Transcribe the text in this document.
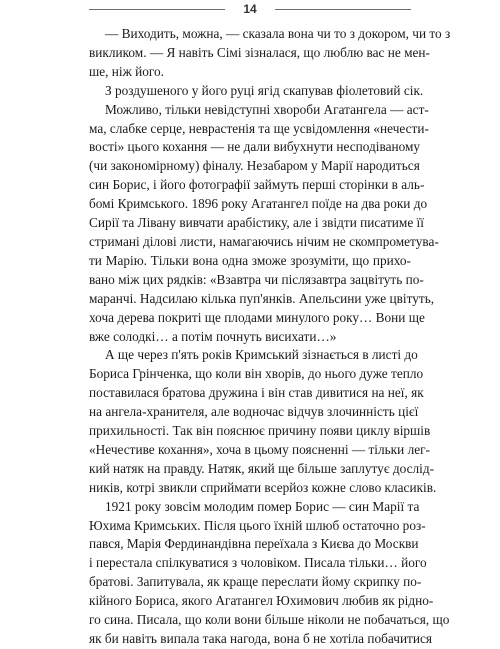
14
— Виходить, можна, — сказала вона чи то з докором, чи то з
викликом. — Я навіть Сімі зізналася, що люблю вас не мен-
ше, ніж його.
З роздушеного у його руці ягід скапував фіолетовий сік.
Можливо, тільки невідступні хвороби Агатангела — аст-
ма, слабке серце, неврастенія та ще усвідомлення «нечести-
вості» цього кохання — не дали вибухнути несподіваному
(чи закономірному) фіналу. Незабаром у Марії народиться
син Борис, і його фотографії займуть перші сторінки в аль-
бомі Кримського. 1896 року Агатангел поїде на два роки до
Сирії та Лівану вивчати арабістику, але і звідти писатиме її
стримані ділові листи, намагаючись нічим не скомпрометува-
ти Марію. Тільки вона одна зможе зрозуміти, що прихо-
вано між цих рядків: «Взавтра чи післязавтра зацвітуть по-
маранчі. Надсилаю кілька пуп'янків. Апельсини уже цвітуть,
хоча дерева покриті ще плодами минулого року… Вони ще
вже солодкі… а потім почнуть висихати…»
А ще через п'ять років Кримський зізнається в листі до
Бориса Грінченка, що коли він хворів, до нього дуже тепло
поставилася братова дружина і він став дивитися на неї, як
на ангела-хранителя, але водночас відчув злочинність цієї
прихильності. Так він пояснює причину появи циклу віршів
«Нечестиве кохання», хоча в цьому поясненні — тільки лег-
кий натяк на правду. Натяк, який ще більше заплутує дослід-
ників, котрі звикли сприймати всерйоз кожне слово класиків.
1921 року зовсім молодим помер Борис — син Марії та
Юхима Кримських. Після цього їхній шлюб остаточно роз-
пався, Марія Фердинандівна переїхала з Києва до Москви
і перестала спілкуватися з чоловіком. Писала тільки… його
братові. Запитувала, як краще переслати йому скрипку по-
кійного Бориса, якого Агатангел Юхимович любив як рідно-
го сина. Писала, що коли вони більше ніколи не побачаться, що
як би навіть випала така нагода, вона б не хотіла побачитися
